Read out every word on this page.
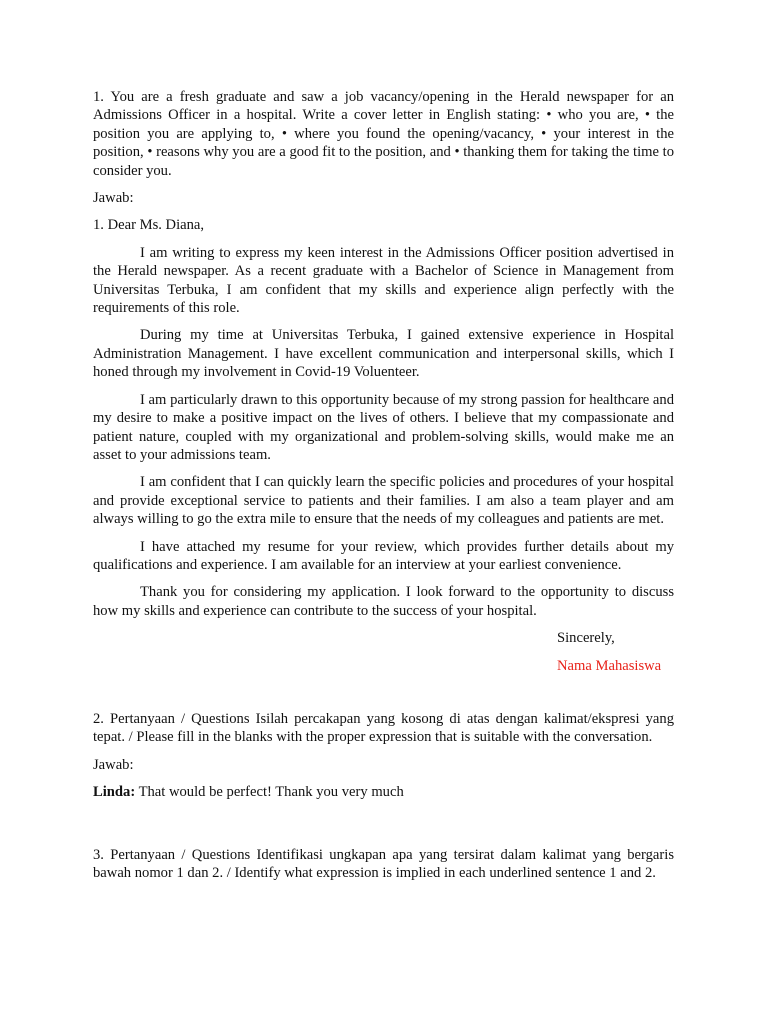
1. You are a fresh graduate and saw a job vacancy/opening in the Herald newspaper for an Admissions Officer in a hospital. Write a cover letter in English stating: • who you are, • the position you are applying to, • where you found the opening/vacancy, • your interest in the position, • reasons why you are a good fit to the position, and • thanking them for taking the time to consider you.

Jawab:

1. Dear Ms. Diana,

I am writing to express my keen interest in the Admissions Officer position advertised in the Herald newspaper. As a recent graduate with a Bachelor of Science in Management from Universitas Terbuka, I am confident that my skills and experience align perfectly with the requirements of this role.

During my time at Universitas Terbuka, I gained extensive experience in Hospital Administration Management. I have excellent communication and interpersonal skills, which I honed through my involvement in Covid-19 Voluenteer.

I am particularly drawn to this opportunity because of my strong passion for healthcare and my desire to make a positive impact on the lives of others. I believe that my compassionate and patient nature, coupled with my organizational and problem-solving skills, would make me an asset to your admissions team.

I am confident that I can quickly learn the specific policies and procedures of your hospital and provide exceptional service to patients and their families. I am also a team player and am always willing to go the extra mile to ensure that the needs of my colleagues and patients are met.

I have attached my resume for your review, which provides further details about my qualifications and experience. I am available for an interview at your earliest convenience.

Thank you for considering my application. I look forward to the opportunity to discuss how my skills and experience can contribute to the success of your hospital.

Sincerely,

Nama Mahasiswa

2. Pertanyaan / Questions Isilah percakapan yang kosong di atas dengan kalimat/ekspresi yang tepat. / Please fill in the blanks with the proper expression that is suitable with the conversation.

Jawab:

Linda: That would be perfect! Thank you very much

3. Pertanyaan / Questions Identifikasi ungkapan apa yang tersirat dalam kalimat yang bergaris bawah nomor 1 dan 2. / Identify what expression is implied in each underlined sentence 1 and 2.
